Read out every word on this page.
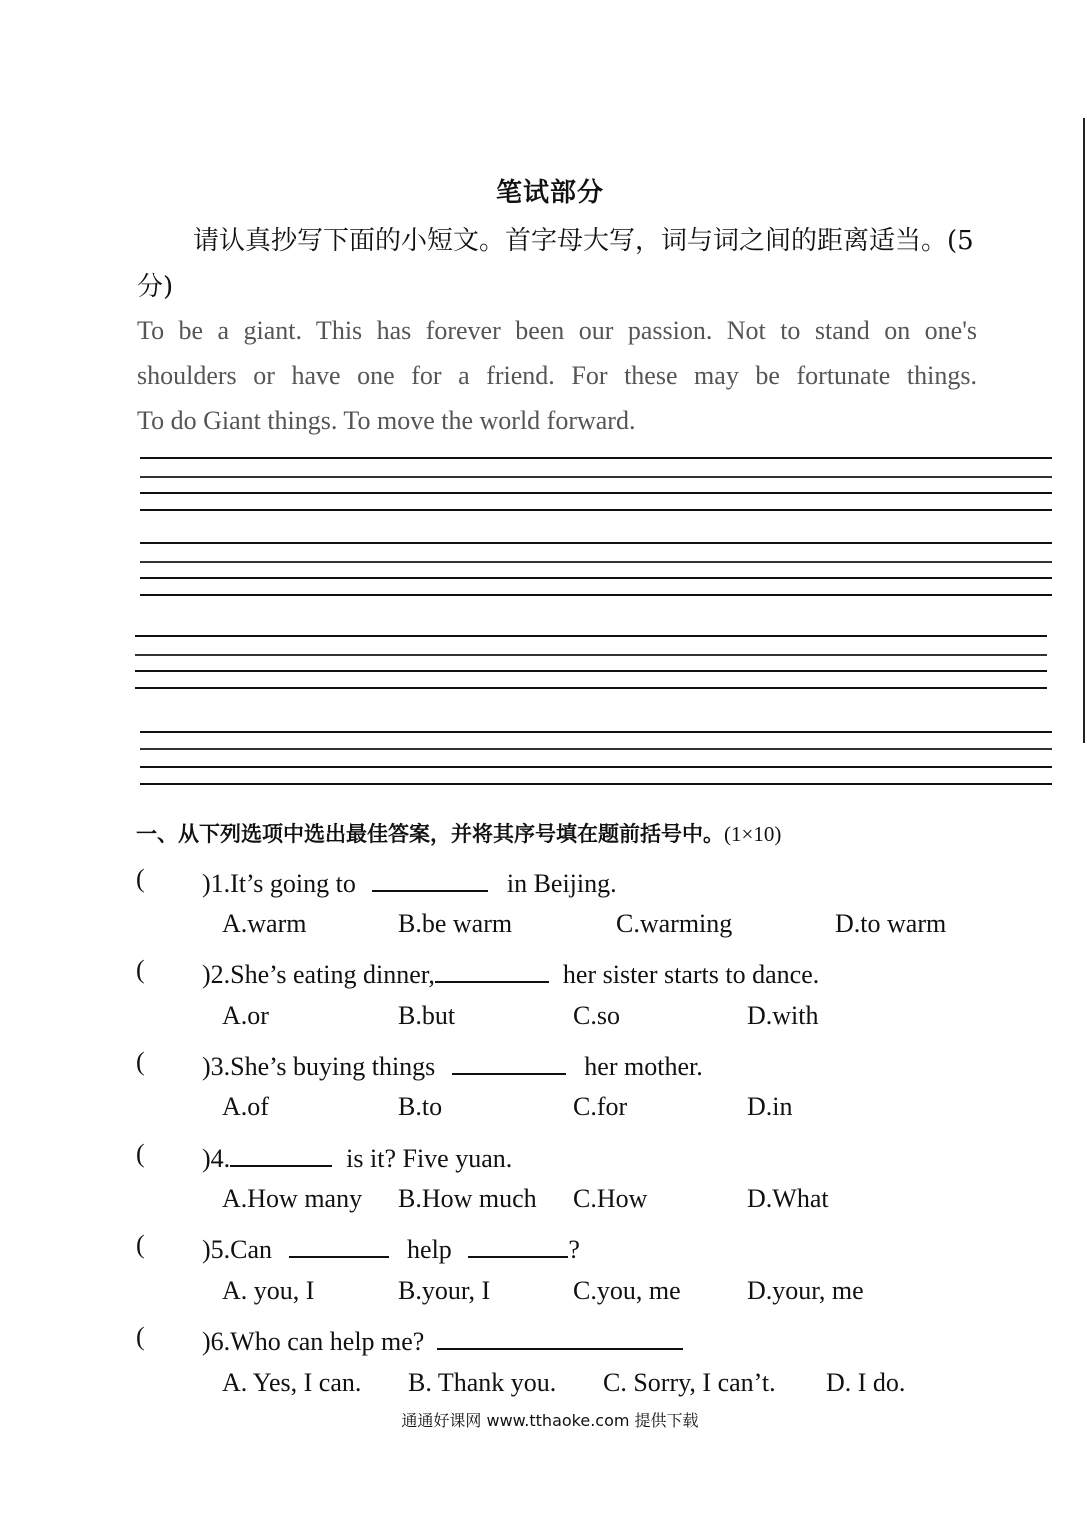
笔试部分
请认真抄写下面的小短文。首字母大写，词与词之间的距离适当。(5 分)
To be a giant. This has forever been our passion. Not to stand on one's
shoulders or have one for a friend. For these may be fortunate things.
To do Giant things. To move the world forward.
一、从下列选项中选出最佳答案，并将其序号填在题前括号中。(1×10)
( )1.It’s going to	in Beijing.
A.warm	B.be warm	C.warming	D.to warm
( )2.She’s eating dinner,	her sister starts to dance.
A.or	B.but	C.so	D.with
( )3.She’s buying things	her mother.
A.of	B.to	C.for	D.in
( )4.	is it? Five yuan.
A.How many B.How much C.How	D.What
( )5.Can	help	?
A. you, I	B.your, I	C.you, me	D.your, me
( )6.Who can help me?
A. Yes, I can. B. Thank you. C. Sorry, I can’t. D. I do.
通通好课网 www.tthaoke.com 提供下载
